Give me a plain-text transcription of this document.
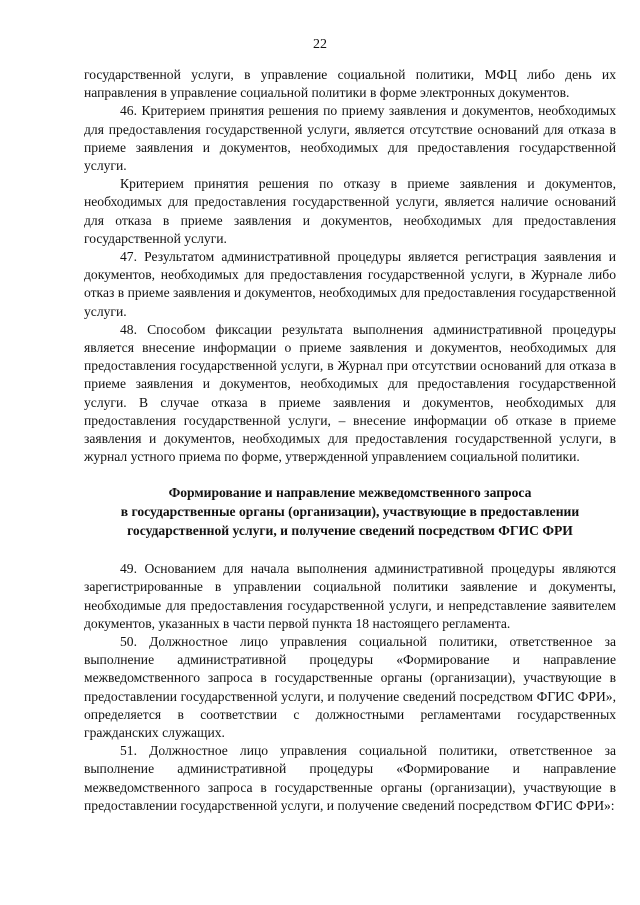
22

государственной услуги, в управление социальной политики, МФЦ либо день их направления в управление социальной политики в форме электронных документов.

46. Критерием принятия решения по приему заявления и документов, необходимых для предоставления государственной услуги, является отсутствие оснований для отказа в приеме заявления и документов, необходимых для предоставления государственной услуги.

Критерием принятия решения по отказу в приеме заявления и документов, необходимых для предоставления государственной услуги, является наличие оснований для отказа в приеме заявления и документов, необходимых для предоставления государственной услуги.

47. Результатом административной процедуры является регистрация заявления и документов, необходимых для предоставления государственной услуги, в Журнале либо отказ в приеме заявления и документов, необходимых для предоставления государственной услуги.

48. Способом фиксации результата выполнения административной процедуры является внесение информации о приеме заявления и документов, необходимых для предоставления государственной услуги, в Журнал при отсутствии оснований для отказа в приеме заявления и документов, необходимых для предоставления государственной услуги. В случае отказа в приеме заявления и документов, необходимых для предоставления государственной услуги, – внесение информации об отказе в приеме заявления и документов, необходимых для предоставления государственной услуги, в журнал устного приема по форме, утвержденной управлением социальной политики.

Формирование и направление межведомственного запроса
в государственные органы (организации), участвующие в предоставлении
государственной услуги, и получение сведений посредством ФГИС ФРИ

49. Основанием для начала выполнения административной процедуры являются зарегистрированные в управлении социальной политики заявление и документы, необходимые для предоставления государственной услуги, и непредставление заявителем документов, указанных в части первой пункта 18 настоящего регламента.

50. Должностное лицо управления социальной политики, ответственное за выполнение административной процедуры «Формирование и направление межведомственного запроса в государственные органы (организации), участвующие в предоставлении государственной услуги, и получение сведений посредством ФГИС ФРИ», определяется в соответствии с должностными регламентами государственных гражданских служащих.

51. Должностное лицо управления социальной политики, ответственное за выполнение административной процедуры «Формирование и направление межведомственного запроса в государственные органы (организации), участвующие в предоставлении государственной услуги, и получение сведений посредством ФГИС ФРИ»:
